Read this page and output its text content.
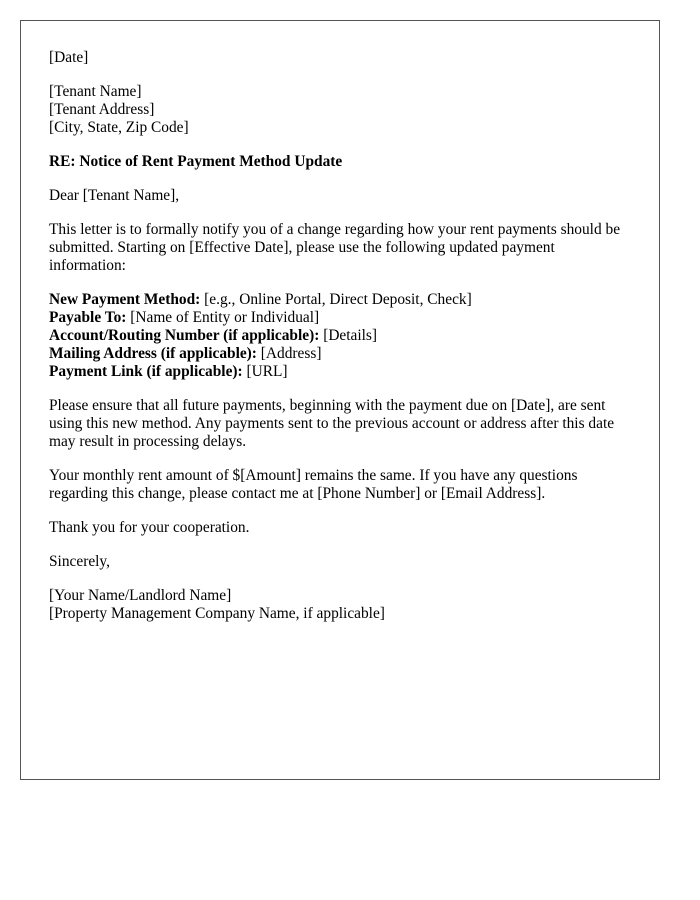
[Date]
[Tenant Name]
[Tenant Address]
[City, State, Zip Code]
RE: Notice of Rent Payment Method Update
Dear [Tenant Name],

This letter is to formally notify you of a change regarding how your rent payments should be submitted. Starting on [Effective Date], please use the following updated payment information:

New Payment Method: [e.g., Online Portal, Direct Deposit, Check]
Payable To: [Name of Entity or Individual]
Account/Routing Number (if applicable): [Details]
Mailing Address (if applicable): [Address]
Payment Link (if applicable): [URL]

Please ensure that all future payments, beginning with the payment due on [Date], are sent using this new method. Any payments sent to the previous account or address after this date may result in processing delays.

Your monthly rent amount of $[Amount] remains the same. If you have any questions regarding this change, please contact me at [Phone Number] or [Email Address].

Thank you for your cooperation.
Sincerely,
[Your Name/Landlord Name]
[Property Management Company Name, if applicable]
